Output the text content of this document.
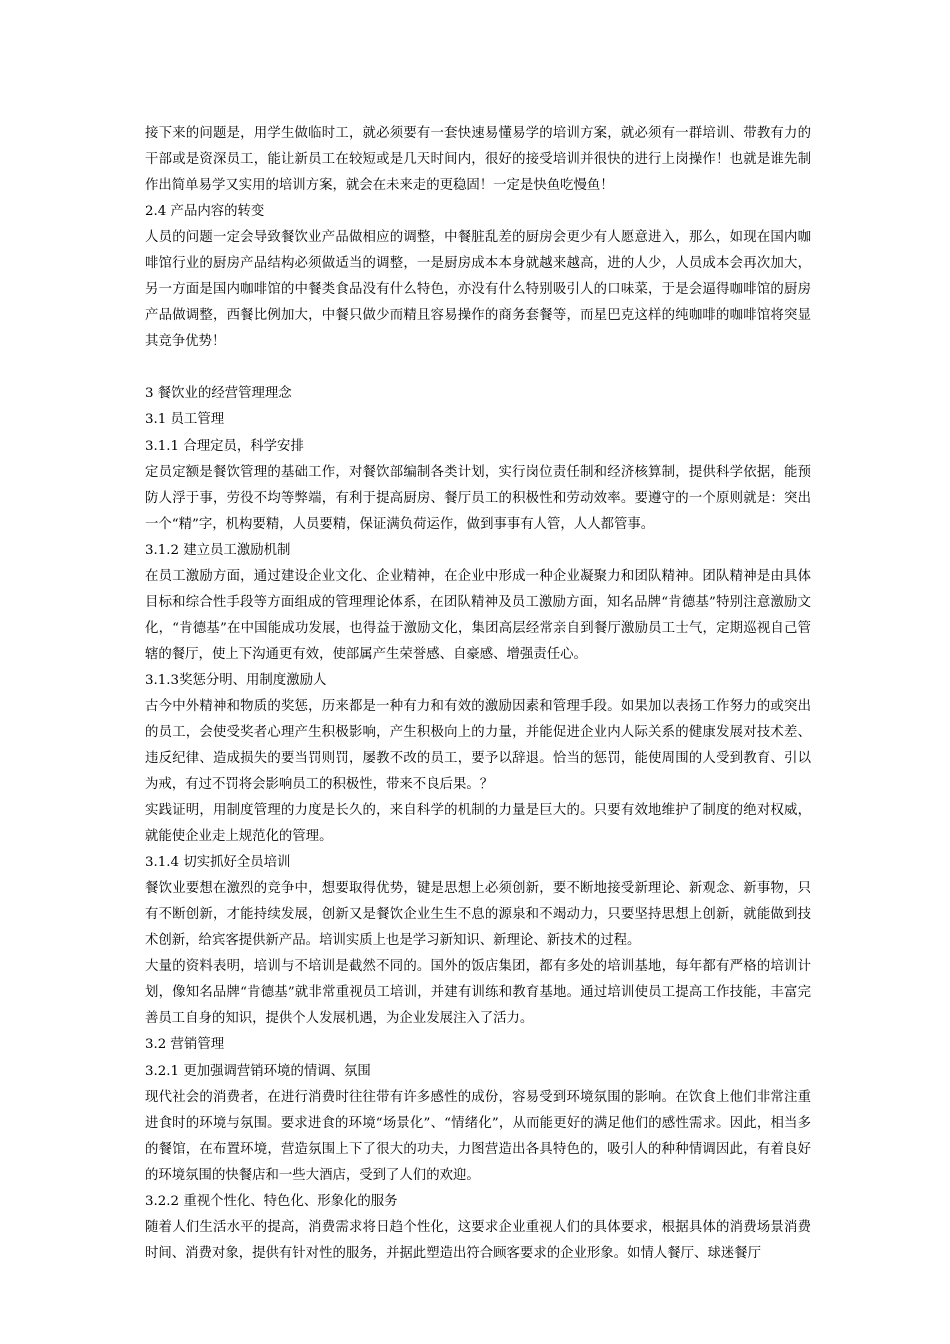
接下来的问题是，用学生做临时工，就必须要有一套快速易懂易学的培训方案，就必须有一群培训、带教有力的干部或是资深员工，能让新员工在较短或是几天时间内，很好的接受培训并很快的进行上岗操作！也就是谁先制作出简单易学又实用的培训方案，就会在未来走的更稳固！一定是快鱼吃慢鱼！

2.4 产品内容的转变

人员的问题一定会导致餐饮业产品做相应的调整，中餐脏乱差的厨房会更少有人愿意进入，那么，如现在国内咖啡馆行业的厨房产品结构必须做适当的调整，一是厨房成本本身就越来越高，进的人少，人员成本会再次加大，另一方面是国内咖啡馆的中餐类食品没有什么特色，亦没有什么特别吸引人的口味菜，于是会逼得咖啡馆的厨房产品做调整，西餐比例加大，中餐只做少而精且容易操作的商务套餐等，而星巴克这样的纯咖啡的咖啡馆将突显其竞争优势！

3 餐饮业的经营管理理念

3.1 员工管理

3.1.1 合理定员，科学安排

定员定额是餐饮管理的基础工作，对餐饮部编制各类计划，实行岗位责任制和经济核算制，提供科学依据，能预防人浮于事，劳役不均等弊端，有利于提高厨房、餐厅员工的积极性和劳动效率。要遵守的一个原则就是：突出一个“精”字，机构要精，人员要精，保证满负荷运作，做到事事有人管，人人都管事。

3.1.2 建立员工激励机制

在员工激励方面，通过建设企业文化、企业精神，在企业中形成一种企业凝聚力和团队精神。团队精神是由具体目标和综合性手段等方面组成的管理理论体系，在团队精神及员工激励方面，知名品牌“肯德基”特别注意激励文化，“肯德基”在中国能成功发展，也得益于激励文化，集团高层经常亲自到餐厅激励员工士气，定期巡视自己管辖的餐厅，使上下沟通更有效，使部属产生荣誉感、自豪感、增强责任心。

3.1.3奖惩分明、用制度激励人

古今中外精神和物质的奖惩，历来都是一种有力和有效的激励因素和管理手段。如果加以表扬工作努力的或突出的员工，会使受奖者心理产生积极影响，产生积极向上的力量，并能促进企业内人际关系的健康发展对技术差、违反纪律、造成损失的要当罚则罚，屡教不改的员工，要予以辞退。恰当的惩罚，能使周围的人受到教育、引以为戒，有过不罚将会影响员工的积极性，带来不良后果。？

实践证明，用制度管理的力度是长久的，来自科学的机制的力量是巨大的。只要有效地维护了制度的绝对权威，就能使企业走上规范化的管理。

3.1.4 切实抓好全员培训

餐饮业要想在激烈的竞争中，想要取得优势，键是思想上必须创新，要不断地接受新理论、新观念、新事物，只有不断创新，才能持续发展，创新又是餐饮企业生生不息的源泉和不竭动力，只要坚持思想上创新，就能做到技术创新，给宾客提供新产品。培训实质上也是学习新知识、新理论、新技术的过程。

大量的资料表明，培训与不培训是截然不同的。国外的饭店集团，都有多处的培训基地，每年都有严格的培训计划，像知名品牌“肯德基”就非常重视员工培训，并建有训练和教育基地。通过培训使员工提高工作技能，丰富完善员工自身的知识，提供个人发展机遇，为企业发展注入了活力。

3.2 营销管理

3.2.1 更加强调营销环境的情调、氛围

现代社会的消费者，在进行消费时往往带有许多感性的成份，容易受到环境氛围的影响。在饮食上他们非常注重进食时的环境与氛围。要求进食的环境“场景化”、“情绪化”，从而能更好的满足他们的感性需求。因此，相当多的餐馆，在布置环境，营造氛围上下了很大的功夫，力图营造出各具特色的，吸引人的种种情调因此，有着良好的环境氛围的快餐店和一些大酒店，受到了人们的欢迎。

3.2.2 重视个性化、特色化、形象化的服务

随着人们生活水平的提高，消费需求将日趋个性化，这要求企业重视人们的具体要求，根据具体的消费场景消费时间、消费对象，提供有针对性的服务，并据此塑造出符合顾客要求的企业形象。如情人餐厅、球迷餐厅
